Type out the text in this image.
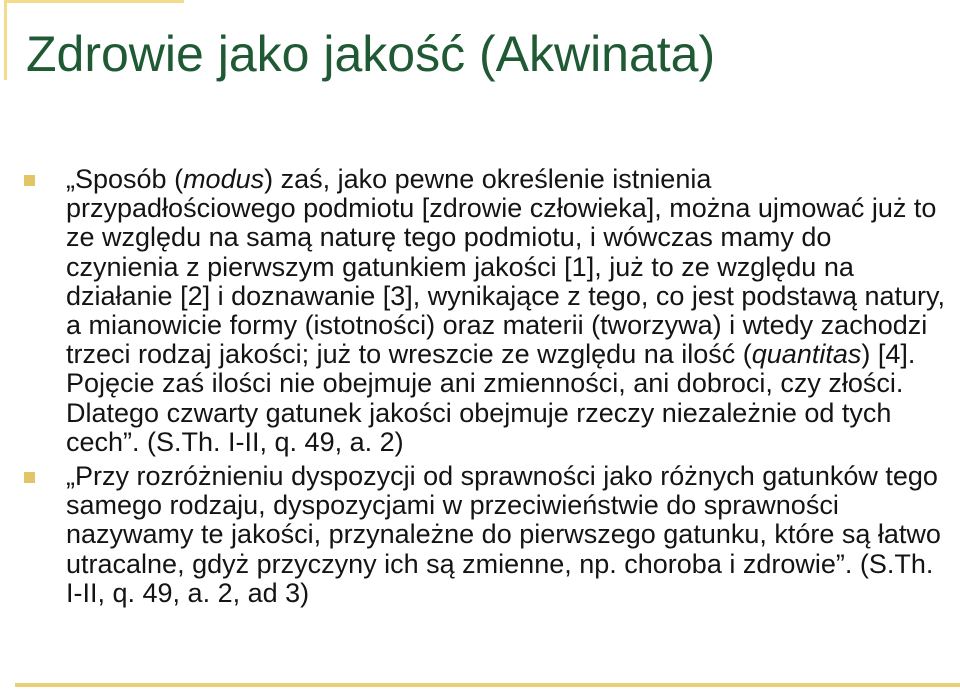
Zdrowie jako jakość (Akwinata)
„Sposób (modus) zaś, jako pewne określenie istnienia przypadłościowego podmiotu [zdrowie człowieka], można ujmować już to ze względu na samą naturę tego podmiotu, i wówczas mamy do czynienia z pierwszym gatunkiem jakości [1], już to ze względu na działanie [2] i doznawanie [3], wynikające z tego, co jest podstawą natury, a mianowicie formy (istotności) oraz materii (tworzywa) i wtedy zachodzi trzeci rodzaj jakości; już to wreszcie ze względu na ilość (quantitas) [4]. Pojęcie zaś ilości nie obejmuje ani zmienności, ani dobroci, czy złości. Dlatego czwarty gatunek jakości obejmuje rzeczy niezależnie od tych cech”. (S.Th. I-II, q. 49, a. 2)
„Przy rozróżnieniu dyspozycji od sprawności jako różnych gatunków tego samego rodzaju, dyspozycjami w przeciwieństwie do sprawności nazywamy te jakości, przynależne do pierwszego gatunku, które są łatwo utracalne, gdyż przyczyny ich są zmienne, np. choroba i zdrowie”. (S.Th. I-II, q. 49, a. 2, ad 3)
